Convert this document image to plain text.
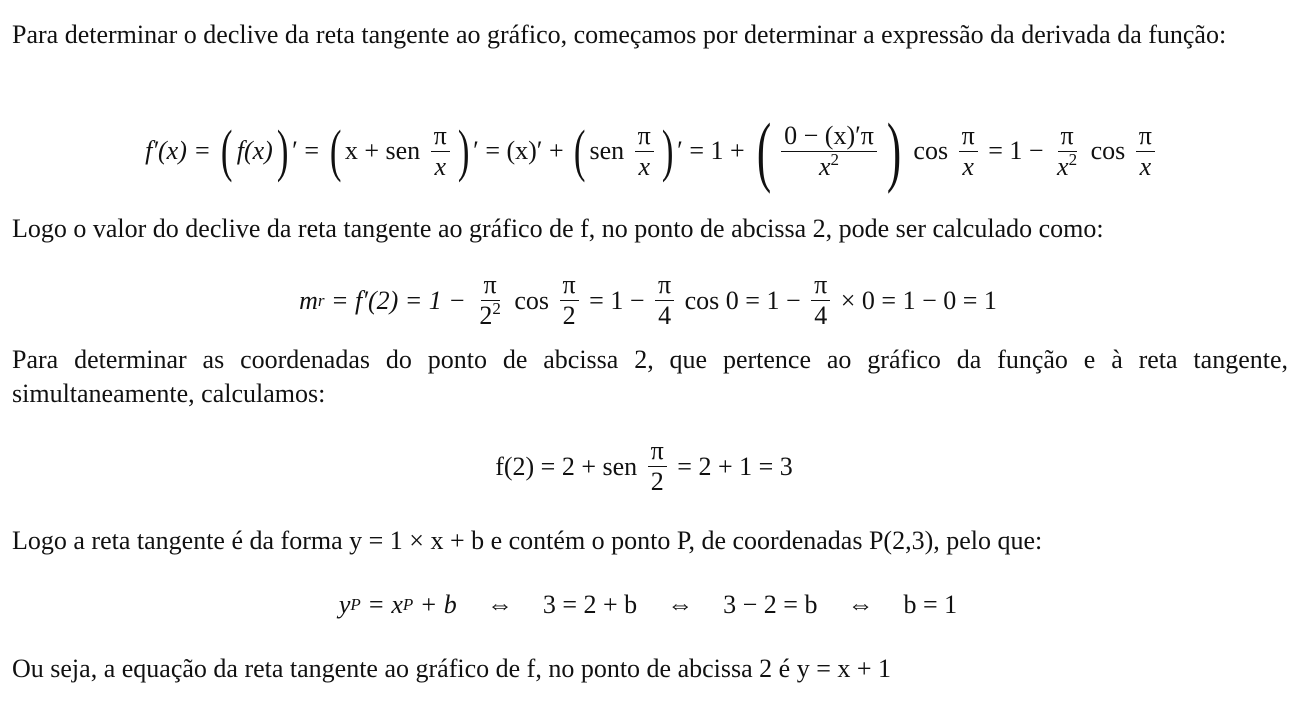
Para determinar o declive da reta tangente ao gráfico, começamos por determinar a expressão da derivada da função:

f′(x) = ( f(x) ) ′ = ( x + sen $\frac{\pi}{x}$ ) ′ = (x)′ + ( sen $\frac{\pi}{x}$ ) ′ = 1 + ( $\frac{0 - (x)'\pi}{x^2}$ ) $\cos \frac{\pi}{x} = 1 - \frac{\pi}{x^2}$ $\cos \frac{\pi}{x}$

Logo o valor do declive da reta tangente ao gráfico de f, no ponto de abcissa 2, pode ser calculado como:

m $r = f'(2) = 1 - \frac{\pi}{2^2}$ $\cos \frac{\pi}{2} = 1 - \frac{\pi}{4}$ $\cos 0 = 1 - \frac{\pi}{4} \times 0 = 1 - 0 = 1$

Para determinar as coordenadas do ponto de abcissa 2, que pertence ao gráfico da função e à reta tangente, simultaneamente, calculamos:

f(2) = 2 + sen $\frac{\pi}{2} = 2 + 1 = 3$

Logo a reta tangente é da forma y = 1 × x + b e contém o ponto P, de coordenadas P(2,3), pelo que:

y P = x P + b ⇔ 3 = 2 + b ⇔ 3 − 2 = b ⇔ b = 1

Ou seja, a equação da reta tangente ao gráfico de f, no ponto de abcissa 2 é y = x + 1
